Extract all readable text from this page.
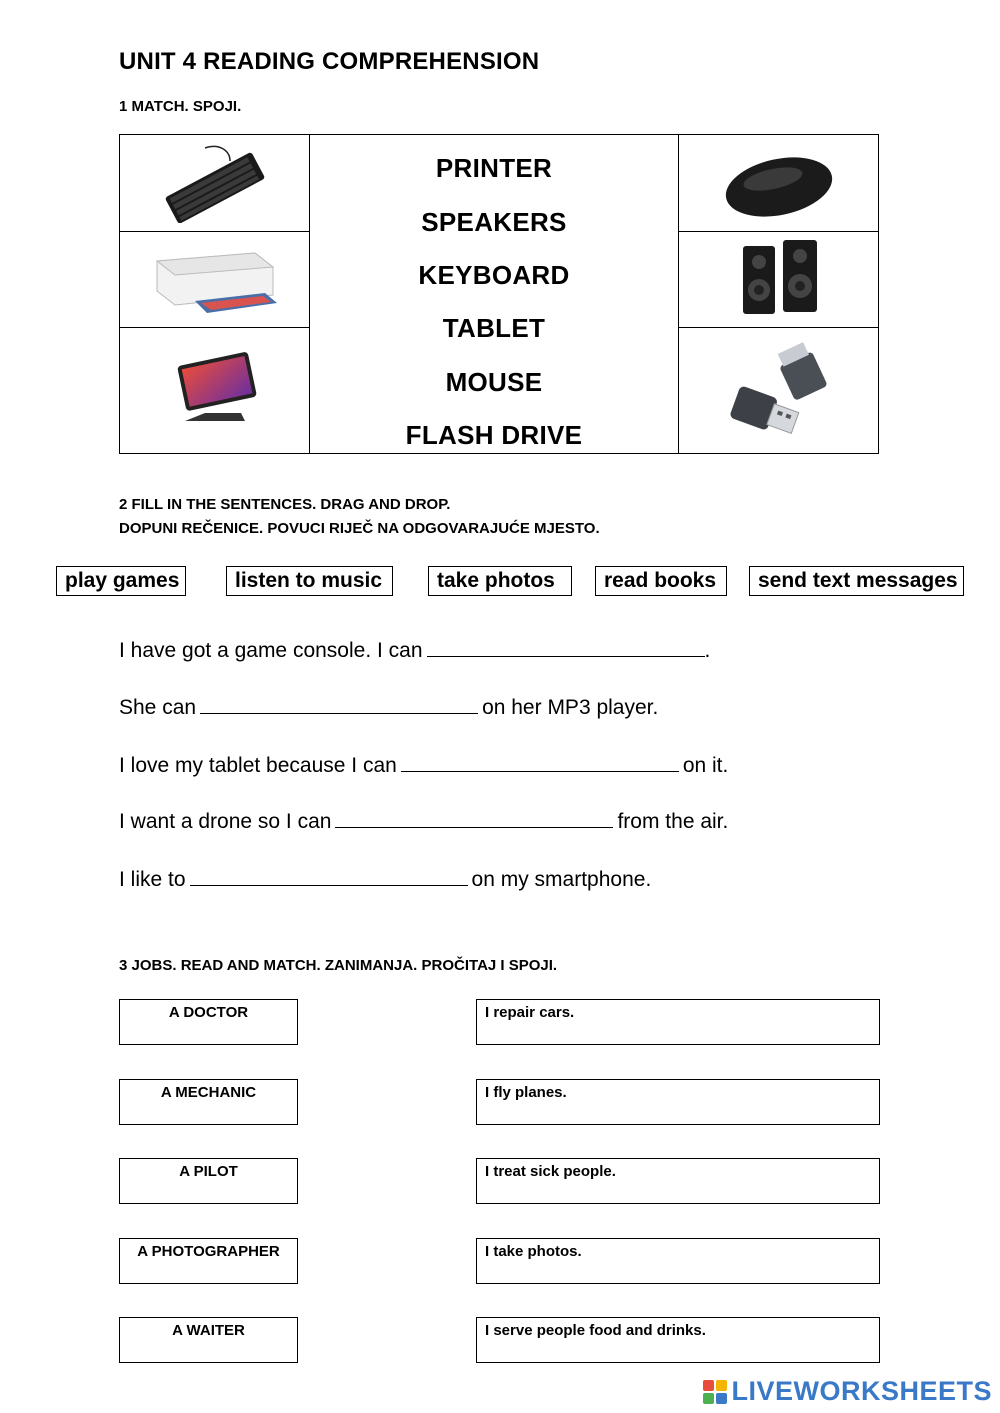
UNIT 4 READING COMPREHENSION
1 MATCH. SPOJI.
PRINTER
SPEAKERS
KEYBOARD
TABLET
MOUSE
FLASH DRIVE
2 FILL IN THE SENTENCES. DRAG AND DROP.
DOPUNI REČENICE. POVUCI RIJEČ NA ODGOVARAJUĆE MJESTO.
play games	listen to music	take photos	read books	send text messages
I have got a game console. I can	.
She can	on her MP3 player.
I love my tablet because I can	on it.
I want a drone so I can	from the air.
I like to	on my smartphone.
3 JOBS. READ AND MATCH. ZANIMANJA. PROČITAJ I SPOJI.
A DOCTOR
A MECHANIC
A PILOT
A PHOTOGRAPHER
A WAITER
I repair cars.
I fly planes.
I treat sick people.
I take photos.
I serve people food and drinks.
LIVEWORKSHEETS
